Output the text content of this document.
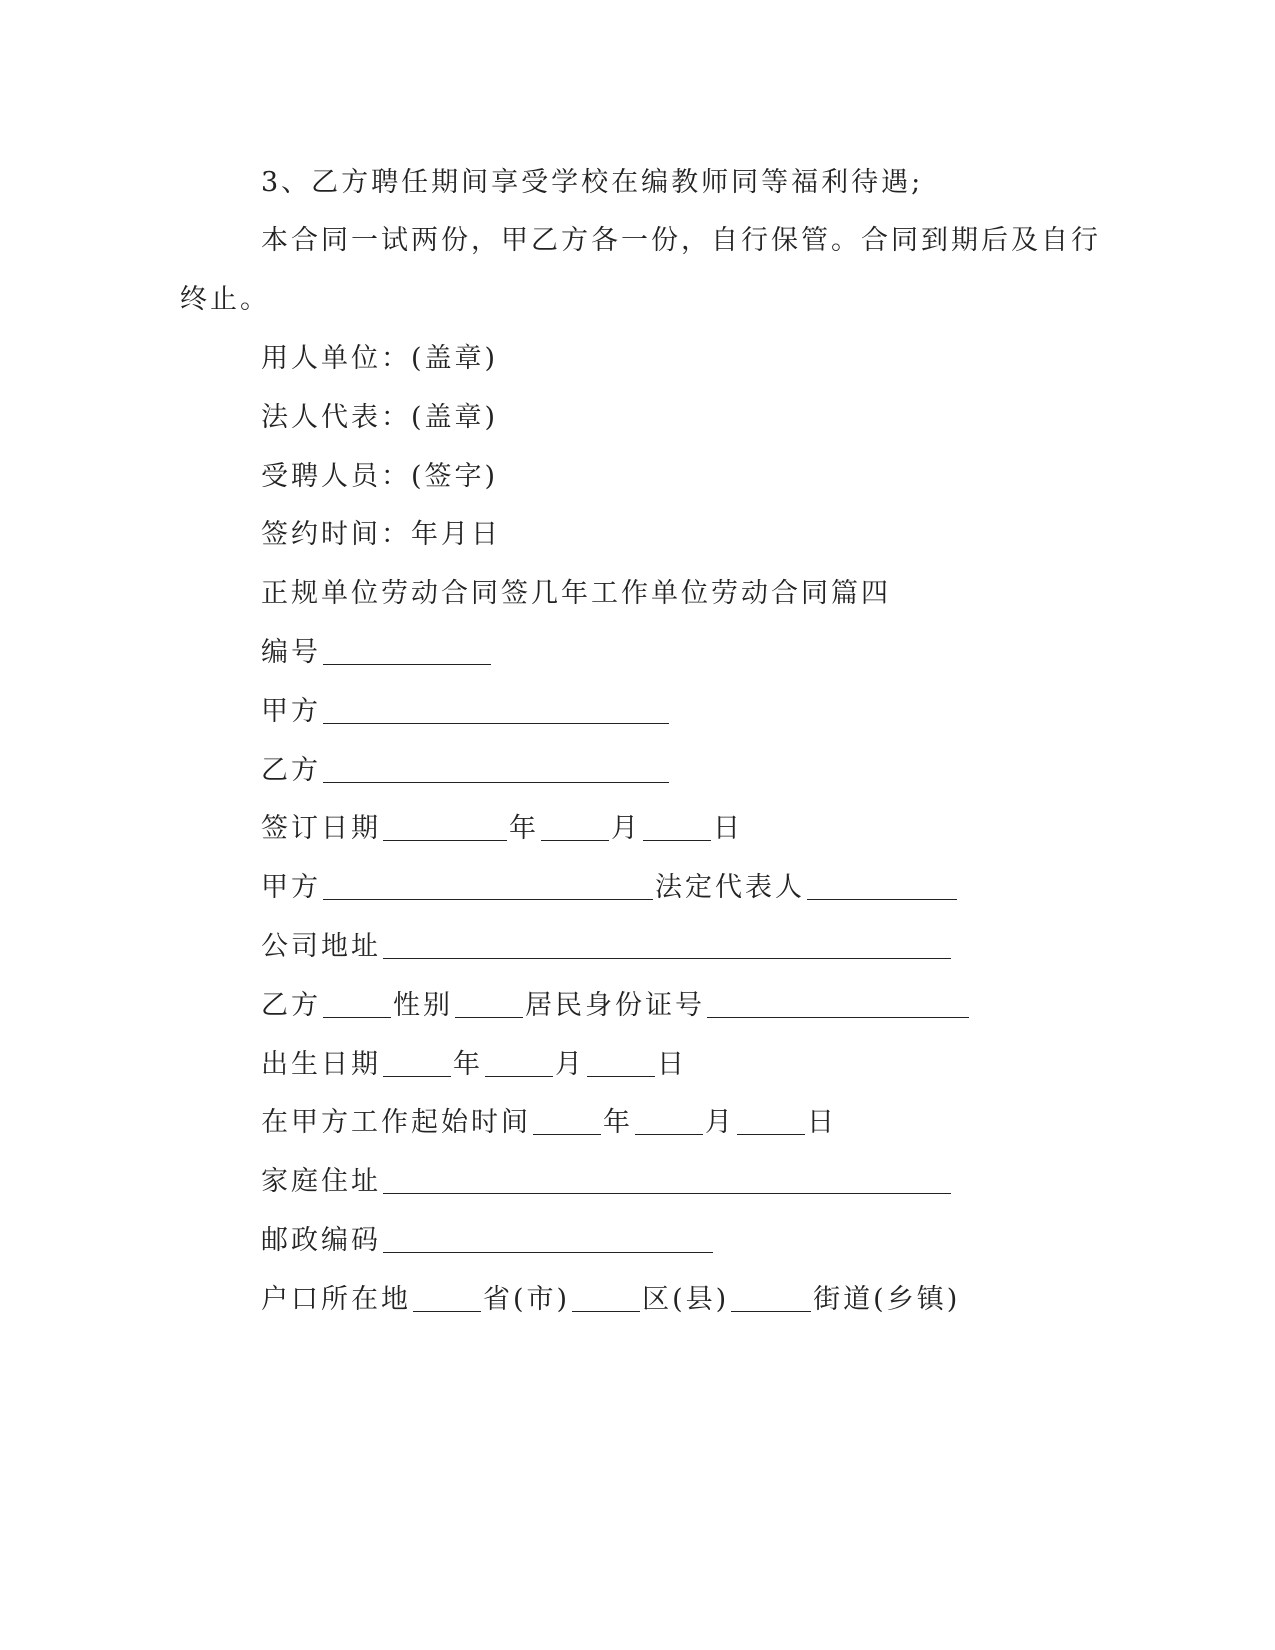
3、乙方聘任期间享受学校在编教师同等福利待遇;
本合同一试两份，甲乙方各一份，自行保管。合同到期后及自行
终止。
用人单位：(盖章)
法人代表：(盖章)
受聘人员：(签字)
签约时间：年月日
正规单位劳动合同签几年工作单位劳动合同篇四
编号
甲方
乙方
签订日期	年	月	日
甲方	法定代表人
公司地址
乙方	性别	居民身份证号
出生日期	年	月	日
在甲方工作起始时间	年	月	日
家庭住址
邮政编码
户口所在地	省(市)	区(县)	街道(乡镇)
